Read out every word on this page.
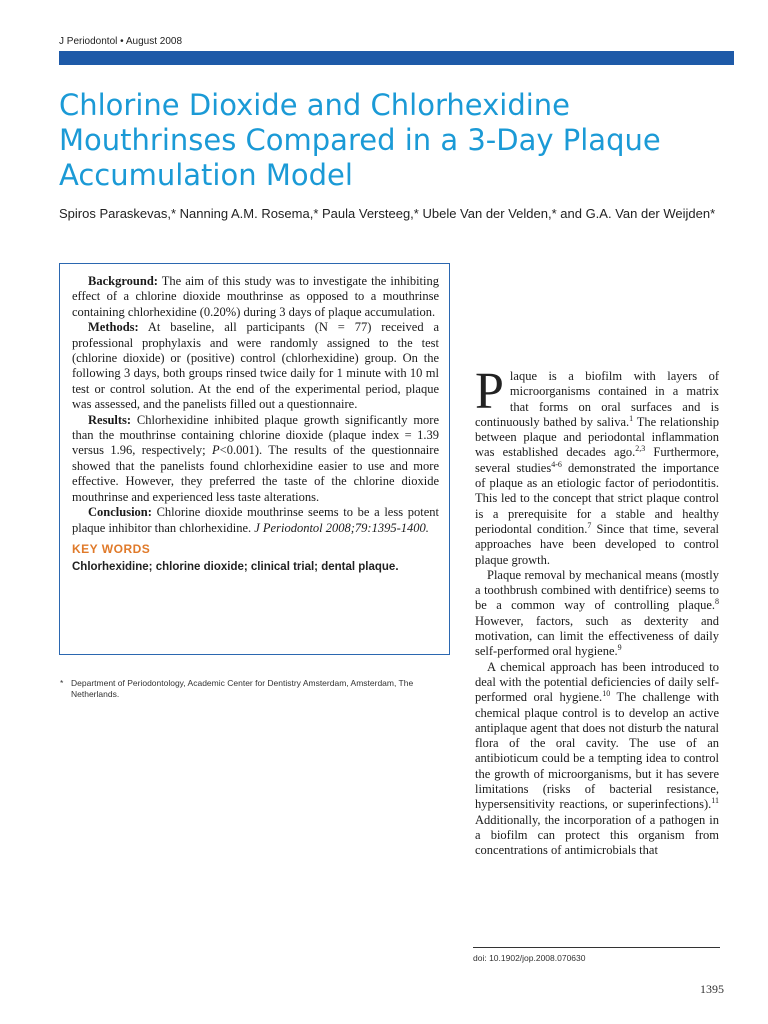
J Periodontol • August 2008
Chlorine Dioxide and Chlorhexidine Mouthrinses Compared in a 3-Day Plaque Accumulation Model

Spiros Paraskevas,* Nanning A.M. Rosema,* Paula Versteeg,* Ubele Van der Velden,* and G.A. Van der Weijden*

Background: The aim of this study was to investigate the inhibiting effect of a chlorine dioxide mouthrinse as opposed to a mouthrinse containing chlorhexidine (0.20%) during 3 days of plaque accumulation.

Methods: At baseline, all participants (N = 77) received a professional prophylaxis and were randomly assigned to the test (chlorine dioxide) or (positive) control (chlorhexidine) group. On the following 3 days, both groups rinsed twice daily for 1 minute with 10 ml test or control solution. At the end of the experimental period, plaque was assessed, and the panelists filled out a questionnaire.

Results: Chlorhexidine inhibited plaque growth significantly more than the mouthrinse containing chlorine dioxide (plaque index = 1.39 versus 1.96, respectively; P<0.001). The results of the questionnaire showed that the panelists found chlorhexidine easier to use and more effective. However, they preferred the taste of the chlorine dioxide mouthrinse and experienced less taste alterations.

Conclusion: Chlorine dioxide mouthrinse seems to be a less potent plaque inhibitor than chlorhexidine. J Periodontol 2008;79:1395-1400.

KEY WORDS
Chlorhexidine; chlorine dioxide; clinical trial; dental plaque.
* Department of Periodontology, Academic Center for Dentistry Amsterdam, Amsterdam, The Netherlands.

Plaque is a biofilm with layers of microorganisms contained in a matrix that forms on oral surfaces and is continuously bathed by saliva.$^1$ The relationship between plaque and periodontal inflammation was established decades ago.$^{2,3}$ Furthermore, several studies$^{4-6}$ demonstrated the importance of plaque as an etiologic factor of periodontitis. This led to the concept that strict plaque control is a prerequisite for a stable and healthy periodontal condition.$^7$ Since that time, several approaches have been developed to control plaque growth.

Plaque removal by mechanical means (mostly a toothbrush combined with dentifrice) seems to be a common way of controlling plaque.$^8$ However, factors, such as dexterity and motivation, can limit the effectiveness of daily self-performed oral hygiene.$^9$

A chemical approach has been introduced to deal with the potential deficiencies of daily self-performed oral hygiene.$^{10}$ The challenge with chemical plaque control is to develop an active antiplaque agent that does not disturb the natural flora of the oral cavity. The use of an antibioticum could be a tempting idea to control the growth of microorganisms, but it has severe limitations (risks of bacterial resistance, hypersensitivity reactions, or superinfections).$^{11}$ Additionally, the incorporation of a pathogen in a biofilm can protect this organism from concentrations of antimicrobials that

doi: 10.1902/jop.2008.070630
1395
